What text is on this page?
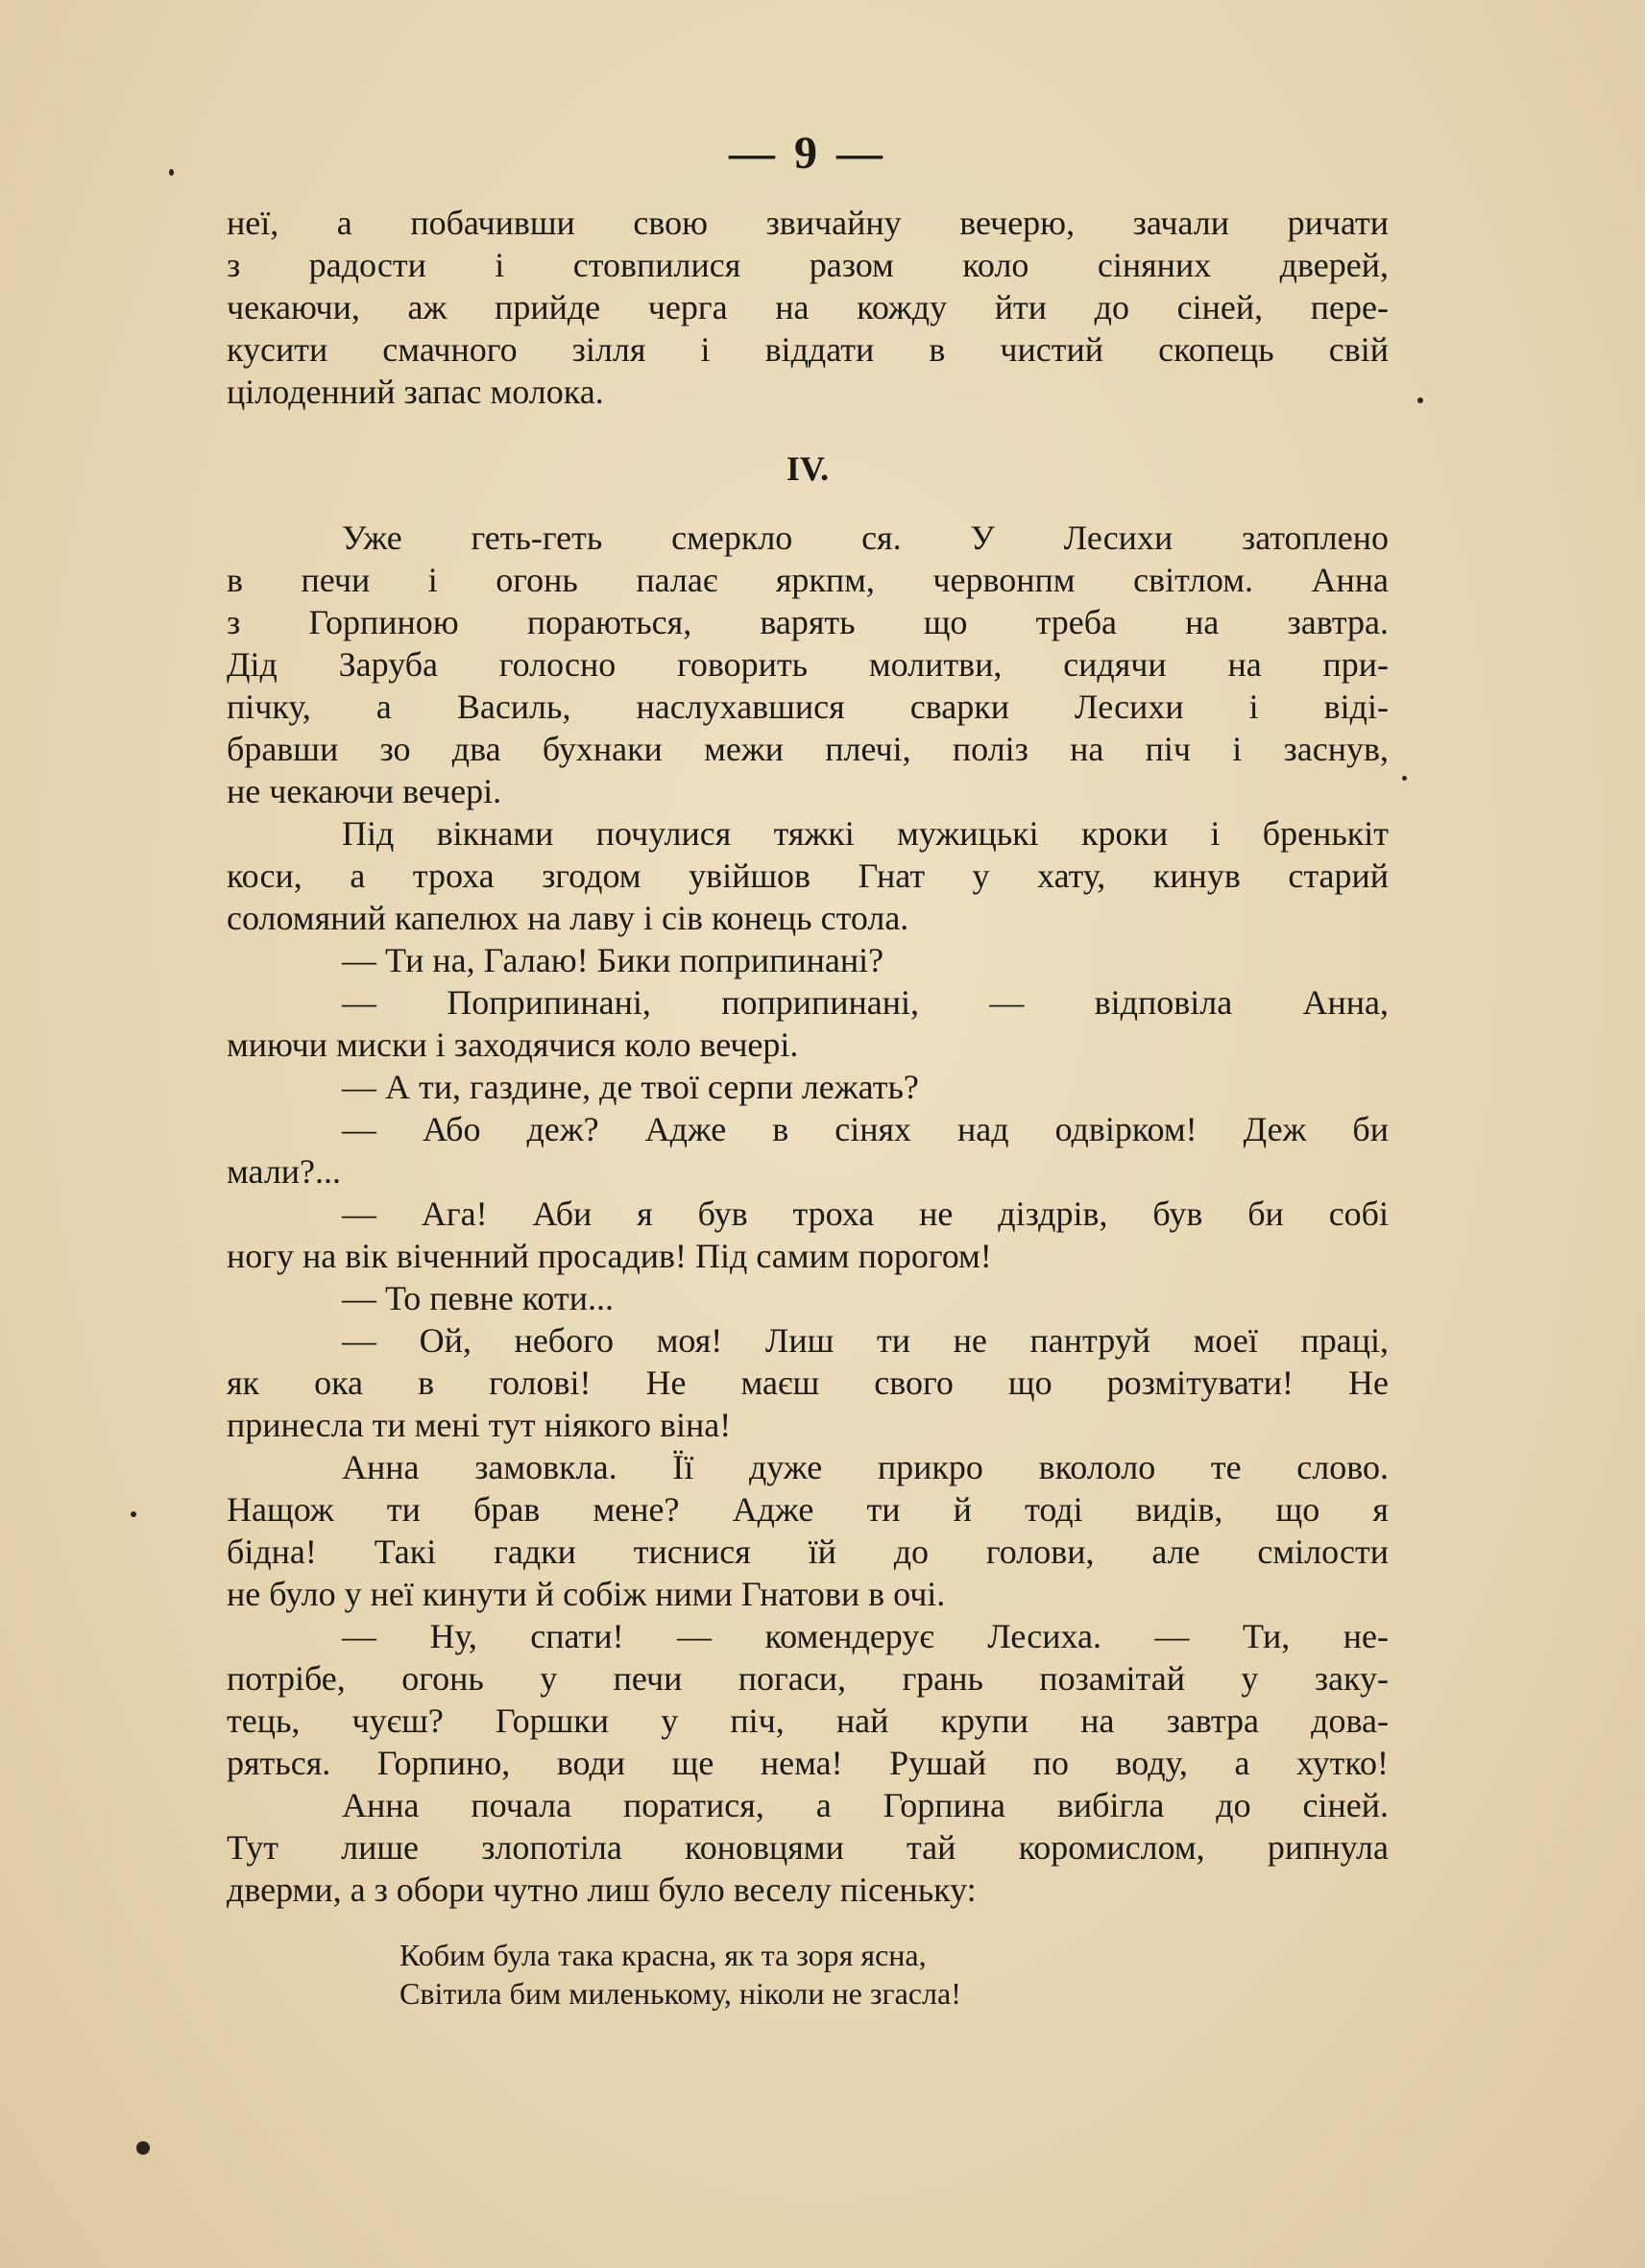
— 9 —

неї, а побачивши свою звичайну вечерю, зачали ричати
з радости і стовпилися разом коло сіняних дверей,
чекаючи, аж прийде черга на кожду йти до сіней, пере-
кусити смачного зілля і віддати в чистий скопець свій
цілоденний запас молока.

IV.

Уже геть-геть смеркло ся. У Лесихи затоплено
в печи і огонь палає яркпм, червонпм світлом. Анна
з Горпиною пораються, варять що треба на завтра.
Дід Заруба голосно говорить молитви, сидячи на при-
пічку, а Василь, наслухавшися сварки Лесихи і віді-
бравши зо два бухнаки межи плечі, поліз на піч і заснув,
не чекаючи вечері.

Під вікнами почулися тяжкі мужицькі кроки і бренькіт
коси, а троха згодом увійшов Гнат у хату, кинув старий
соломяний капелюх на лаву і сів конець стола.

— Ти на, Галаю! Бики поприпинані?

— Поприпинані, поприпинані, — відповіла Анна,
миючи миски і заходячися коло вечері.

— А ти, газдине, де твої серпи лежать?

— Або деж? Адже в сінях над одвірком! Деж би
мали?...

— Ага! Аби я був троха не діздрів, був би собі
ногу на вік віченний просадив! Під самим порогом!

— То певне коти...

— Ой, небого моя! Лиш ти не пантруй моеї праці,
як ока в голові! Не маєш свого що розмітувати! Не
принесла ти мені тут ніякого віна!

Анна замовкла. Її дуже прикро вкололо те слово.
Нащож ти брав мене? Адже ти й тоді видів, що я
бідна! Такі гадки тиснися їй до голови, але смілости
не було у неї кинути й собіж ними Гнатови в очі.

— Ну, спати! — комендерує Лесиха. — Ти, не-
потрібе, огонь у печи погаси, грань позамітай у заку-
тець, чуєш? Горшки у піч, най крупи на завтра дова-
ряться. Горпино, води ще нема! Рушай по воду, а хутко!

Анна почала поратися, а Горпина вибігла до сіней.
Тут лише злопотіла коновцями тай коромислом, рипнула
дверми, а з обори чутно лиш було веселу пісеньку:

Кобим була така красна, як та зоря ясна,
Світила бим миленькому, ніколи не згасла!
